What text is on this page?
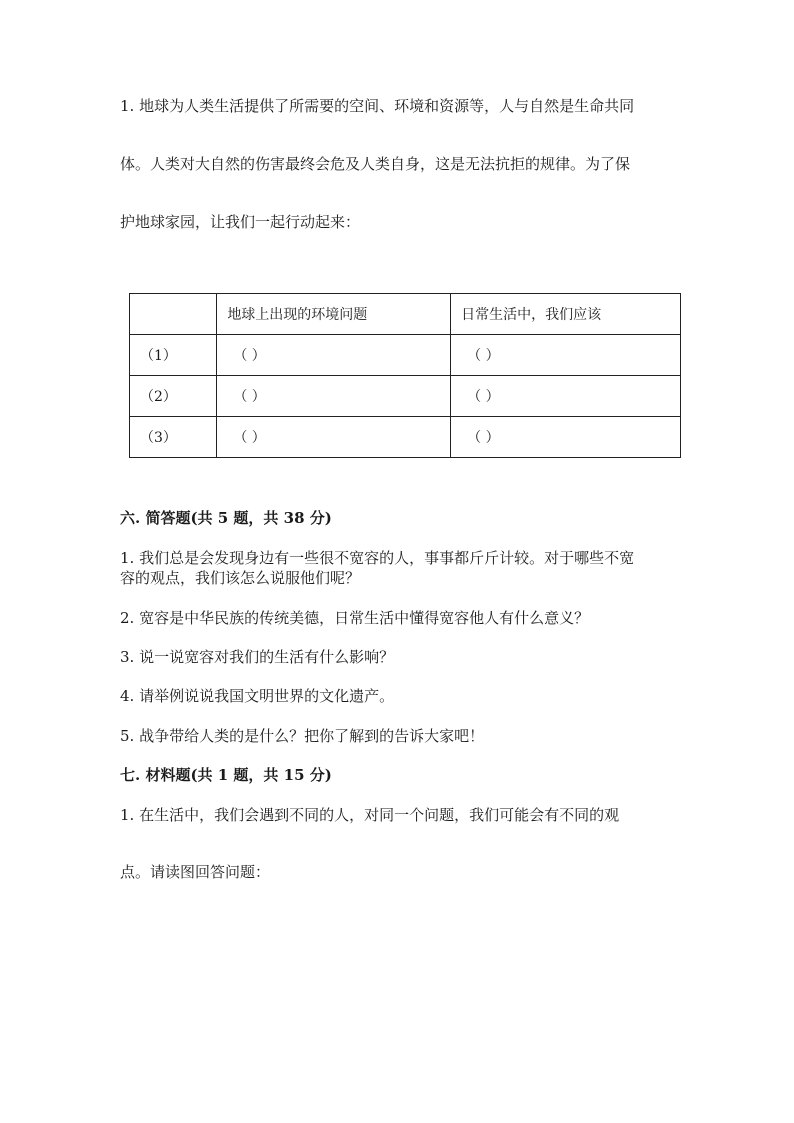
1. 地球为人类生活提供了所需要的空间、环境和资源等，人与自然是生命共同
体。人类对大自然的伤害最终会危及人类自身，这是无法抗拒的规律。为了保
护地球家园，让我们一起行动起来：
	地球上出现的环境问题	日常生活中，我们应该
（1）	（ ）	（ ）
（2）	（ ）	（ ）
（3）	（ ）	（ ）
六. 简答题(共 5 题，共 38 分)
1. 我们总是会发现身边有一些很不宽容的人，事事都斤斤计较。对于哪些不宽
容的观点，我们该怎么说服他们呢？
2. 宽容是中华民族的传统美德，日常生活中懂得宽容他人有什么意义？
3. 说一说宽容对我们的生活有什么影响？
4. 请举例说说我国文明世界的文化遗产。
5. 战争带给人类的是什么？把你了解到的告诉大家吧！
七. 材料题(共 1 题，共 15 分)
1. 在生活中，我们会遇到不同的人，对同一个问题，我们可能会有不同的观
点。请读图回答问题：
